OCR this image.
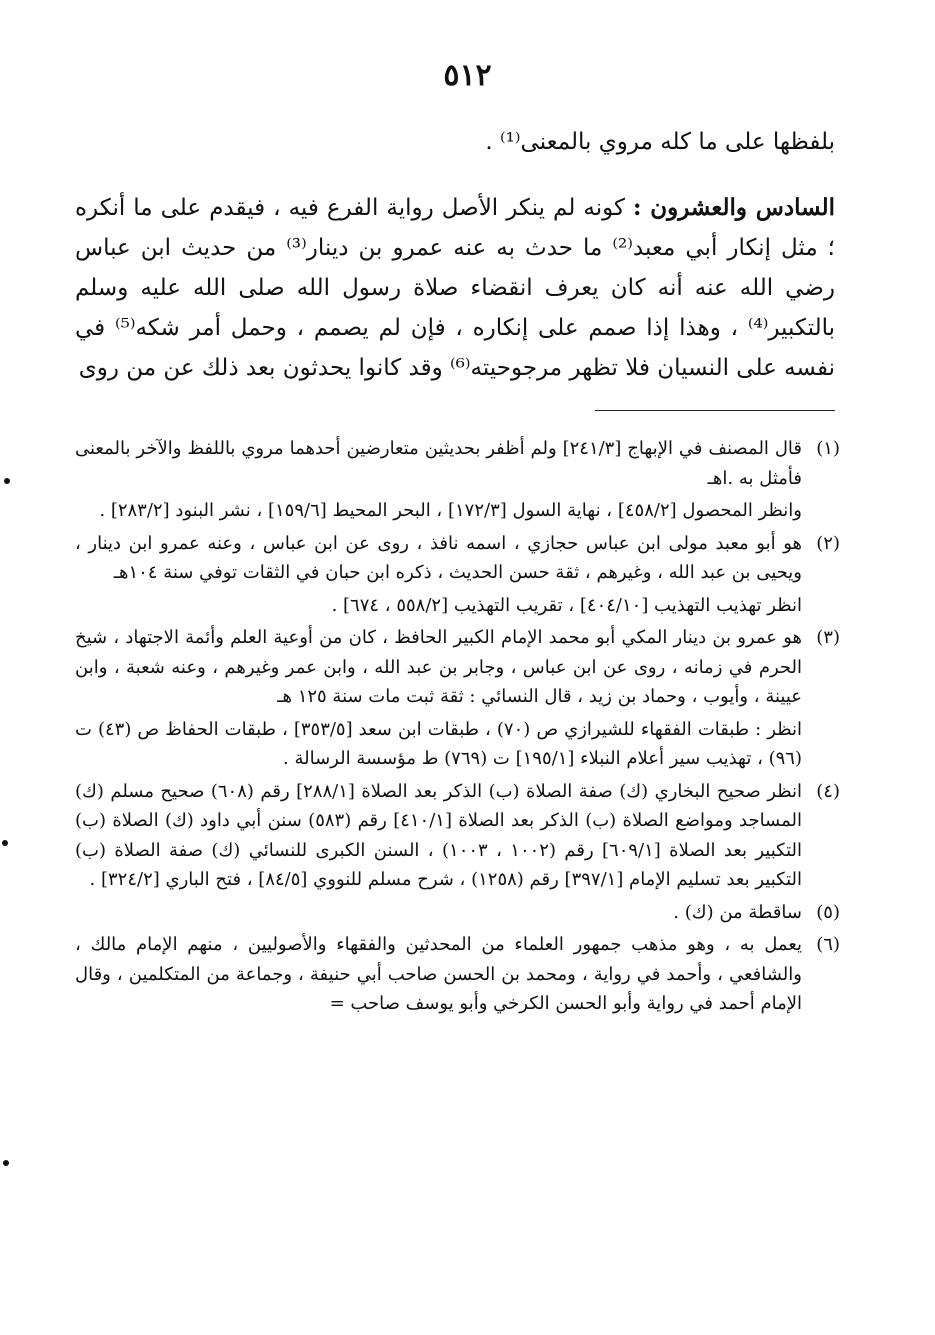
٥١٢

بلفظها على ما كله مروي بالمعنى⁽¹⁾ .

السادس والعشرون : كونه لم ينكر الأصل رواية الفرع فيه ، فيقدم على ما أنكره ؛ مثل إنكار أبي معبد⁽²⁾ ما حدث به عنه عمرو بن دينار⁽³⁾ من حديث ابن عباس رضي الله عنه أنه كان يعرف انقضاء صلاة رسول الله صلى الله عليه وسلم بالتكبير⁽⁴⁾ ، وهذا إذا صمم على إنكاره ، فإن لم يصمم ، وحمل أمر شكه⁽⁵⁾ في نفسه على النسيان فلا تظهر مرجوحيته⁽⁶⁾ وقد كانوا يحدثون بعد ذلك عن من روى

(١)
قال المصنف في الإبهاج [٢٤١/٣] ولم أظفر بحديثين متعارضين أحدهما مروي باللفظ والآخر بالمعنى فأمثل به .اهـ
وانظر المحصول [٤٥٨/٢] ، نهاية السول [١٧٢/٣] ، البحر المحيط [١٥٩/٦] ، نشر البنود [٢٨٣/٢] .

(٢)
هو أبو معبد مولى ابن عباس حجازي ، اسمه نافذ ، روى عن ابن عباس ، وعنه عمرو ابن دينار ، ويحيى بن عبد الله ، وغيرهم ، ثقة حسن الحديث ، ذكره ابن حبان في الثقات توفي سنة ١٠٤هـ
انظر تهذيب التهذيب [٤٠٤/١٠] ، تقريب التهذيب [٥٥٨/٢ ، ٦٧٤] .

(٣)
هو عمرو بن دينار المكي أبو محمد الإمام الكبير الحافظ ، كان من أوعية العلم وأئمة الاجتهاد ، شيخ الحرم في زمانه ، روى عن ابن عباس ، وجابر بن عبد الله ، وابن عمر وغيرهم ، وعنه شعبة ، وابن عيينة ، وأيوب ، وحماد بن زيد ، قال النسائي : ثقة ثبت مات سنة ١٢٥ هـ
انظر : طبقات الفقهاء للشيرازي ص (٧٠) ، طبقات ابن سعد [٣٥٣/٥] ، طبقات الحفاظ ص (٤٣) ت (٩٦) ، تهذيب سير أعلام النبلاء [١٩٥/١] ت (٧٦٩) ط مؤسسة الرسالة .

(٤)
انظر صحيح البخاري (ك) صفة الصلاة (ب) الذكر بعد الصلاة [٢٨٨/١] رقم (٦٠٨) صحيح مسلم (ك) المساجد ومواضع الصلاة (ب) الذكر بعد الصلاة [٤١٠/١] رقم (٥٨٣) سنن أبي داود (ك) الصلاة (ب) التكبير بعد الصلاة [٦٠٩/١] رقم (١٠٠٢ ، ١٠٠٣) ، السنن الكبرى للنسائي (ك) صفة الصلاة (ب) التكبير بعد تسليم الإمام [٣٩٧/١] رقم (١٢٥٨) ، شرح مسلم للنووي [٨٤/٥] ، فتح الباري [٣٢٤/٢] .

(٥)
ساقطة من (ك) .

(٦)
يعمل به ، وهو مذهب جمهور العلماء من المحدثين والفقهاء والأصوليين ، منهم الإمام مالك ، والشافعي ، وأحمد في رواية ، ومحمد بن الحسن صاحب أبي حنيفة ، وجماعة من المتكلمين ، وقال الإمام أحمد في رواية وأبو الحسن الكرخي وأبو يوسف صاحب =
